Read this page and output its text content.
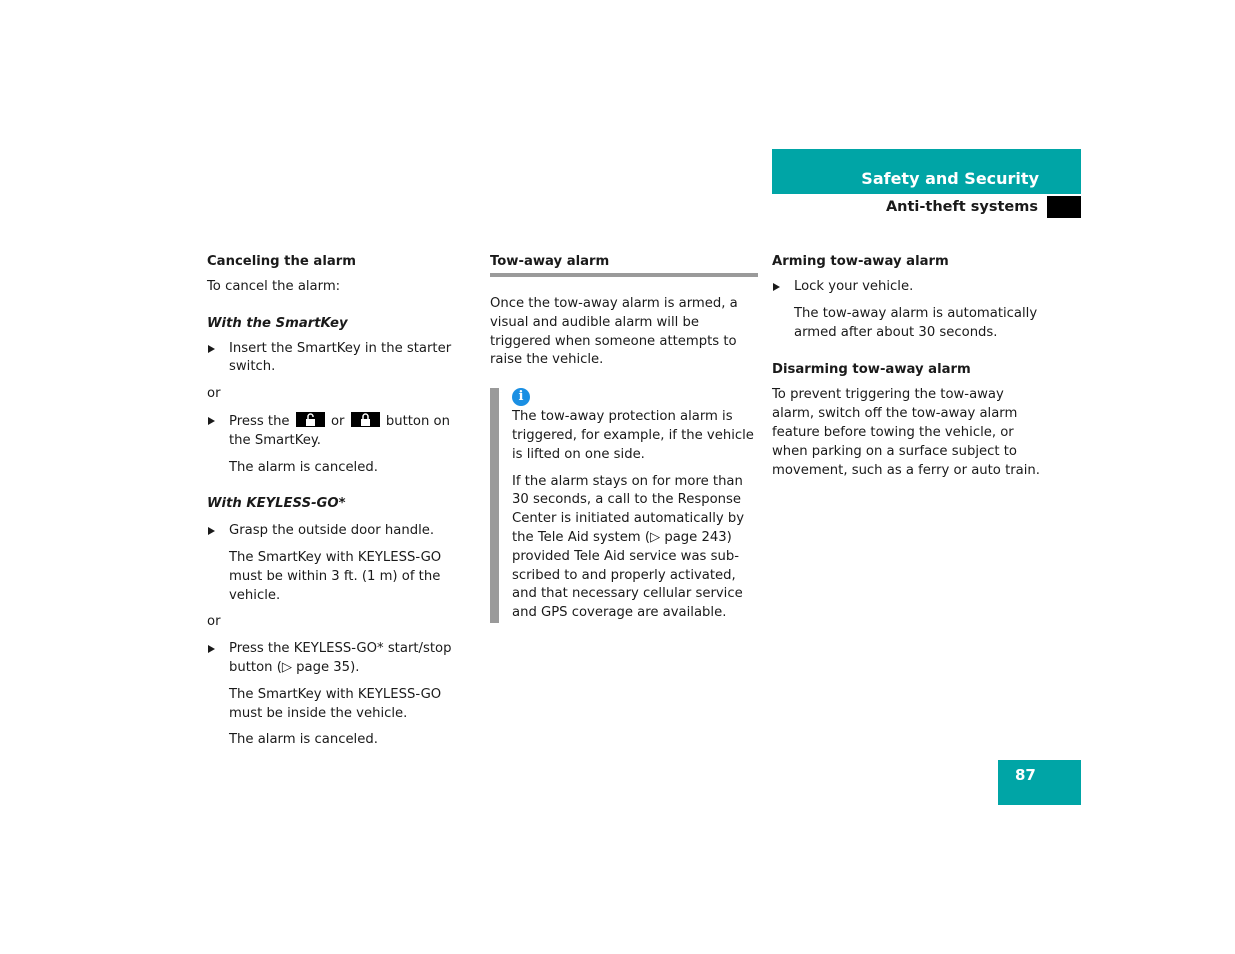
Safety and Security
Anti-theft systems

Canceling the alarm

To cancel the alarm:

With the SmartKey

Insert the SmartKey in the starter switch.

or

Press the	or	button on the SmartKey.

The alarm is canceled.

With KEYLESS-GO*

Grasp the outside door handle.

The SmartKey with KEYLESS-GO must be within 3 ft. (1 m) of the vehicle.

or

Press the KEYLESS-GO* start/stop button (▷ page 35).

The SmartKey with KEYLESS-GO must be inside the vehicle.

The alarm is canceled.

Tow-away alarm

Once the tow-away alarm is armed, a visual and audible alarm will be triggered when someone attempts to raise the vehicle.

i

The tow-away protection alarm is triggered, for example, if the vehicle is lifted on one side.

If the alarm stays on for more than 30 seconds, a call to the Response Center is initiated automatically by the Tele Aid system (▷ page 243) provided Tele Aid service was subscribed to and properly activated, and that necessary cellular service and GPS coverage are available.

Arming tow-away alarm

Lock your vehicle.

The tow-away alarm is automatically armed after about 30 seconds.

Disarming tow-away alarm

To prevent triggering the tow-away alarm, switch off the tow-away alarm feature before towing the vehicle, or when parking on a surface subject to movement, such as a ferry or auto train.

87
